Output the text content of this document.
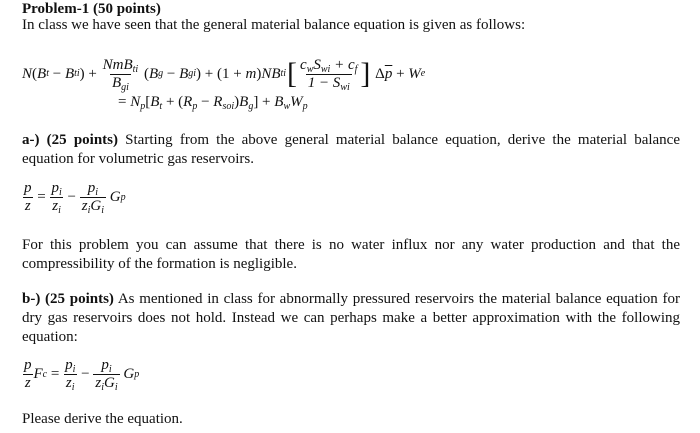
Problem-1 (50 points)
In class we have seen that the general material balance equation is given as follows:
N ( B t − B ti ) + $\frac{NmB_{ti}}{B_{gi}}$ ( B g − B gi ) + (1 + m ) NB ti [ $\frac{c_wS_{wi} + c_f}{1 - S_{wi}}$ ] Δ $\overline{p} + W$ e
= $N_p[B_t + (R_p - R_{soi})B_g] + B_wW_p$
a-) (25 points) Starting from the above general material balance equation, derive the material balance equation for volumetric gas reservoirs.
$\frac{p}{z} = \frac{p_i}{z_i} - \frac{p_i}{z_iG_i}$
G p
For this problem you can assume that there is no water influx nor any water production and that the compressibility of the formation is negligible.
b-) (25 points) As mentioned in class for abnormally pressured reservoirs the material balance equation for dry gas reservoirs does not hold. Instead we can perhaps make a better approximation with the following equation:
$\frac{p}{z}$ F $c = \frac{p_i}{z_i} - \frac{p_i}{z_iG_i}$
G p
Please derive the equation.
